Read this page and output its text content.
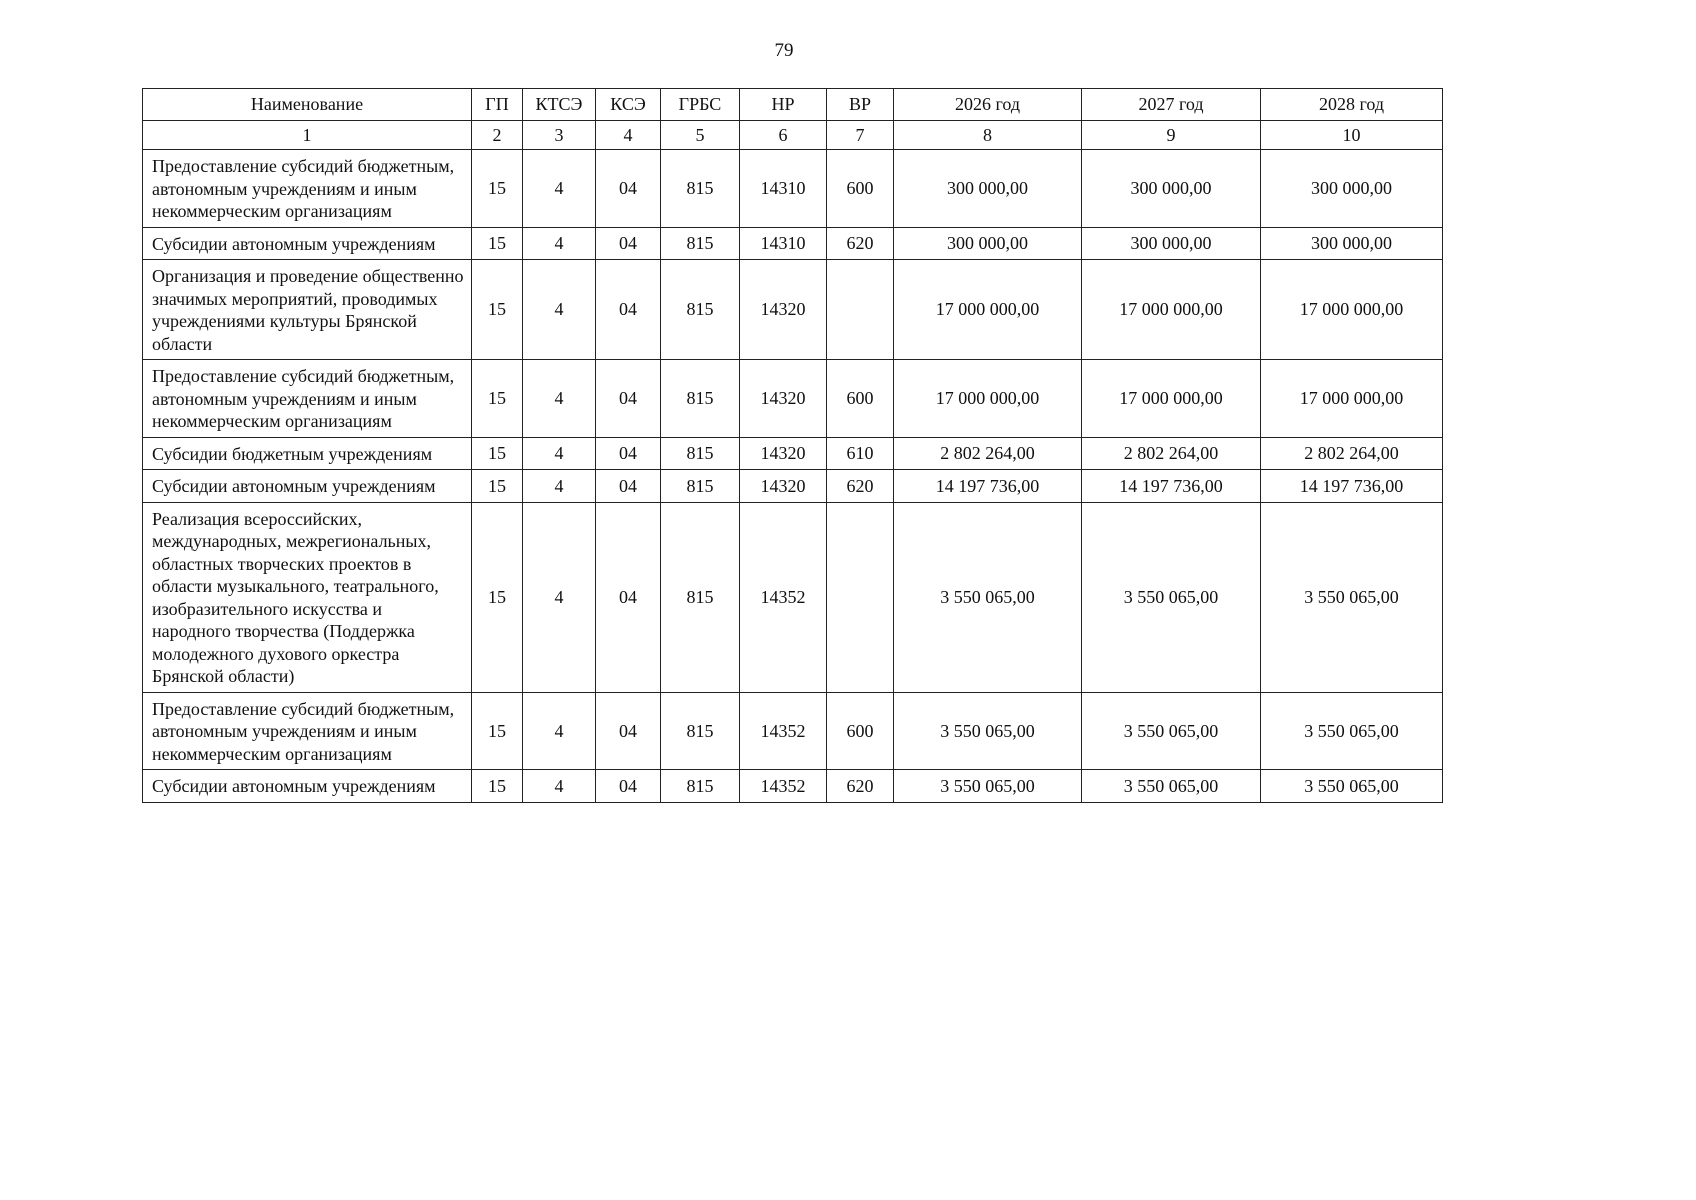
79
Наименование	ГП	КТСЭ	КСЭ	ГРБС	НР	ВР	2026 год	2027 год	2028 год
1	2	3	4	5	6	7	8	9	10
Предоставление субсидий бюджетным, автономным учреждениям и иным некоммерческим организациям	15	4	04	815	14310	600	300 000,00	300 000,00	300 000,00
Субсидии автономным учреждениям	15	4	04	815	14310	620	300 000,00	300 000,00	300 000,00
Организация и проведение общественно значимых мероприятий, проводимых учреждениями культуры Брянской области	15	4	04	815	14320		17 000 000,00	17 000 000,00	17 000 000,00
Предоставление субсидий бюджетным, автономным учреждениям и иным некоммерческим организациям	15	4	04	815	14320	600	17 000 000,00	17 000 000,00	17 000 000,00
Субсидии бюджетным учреждениям	15	4	04	815	14320	610	2 802 264,00	2 802 264,00	2 802 264,00
Субсидии автономным учреждениям	15	4	04	815	14320	620	14 197 736,00	14 197 736,00	14 197 736,00
Реализация всероссийских, международных, межрегиональных, областных творческих проектов в области музыкального, театрального, изобразительного искусства и народного творчества (Поддержка молодежного духового оркестра Брянской области)	15	4	04	815	14352		3 550 065,00	3 550 065,00	3 550 065,00
Предоставление субсидий бюджетным, автономным учреждениям и иным некоммерческим организациям	15	4	04	815	14352	600	3 550 065,00	3 550 065,00	3 550 065,00
Субсидии автономным учреждениям	15	4	04	815	14352	620	3 550 065,00	3 550 065,00	3 550 065,00
